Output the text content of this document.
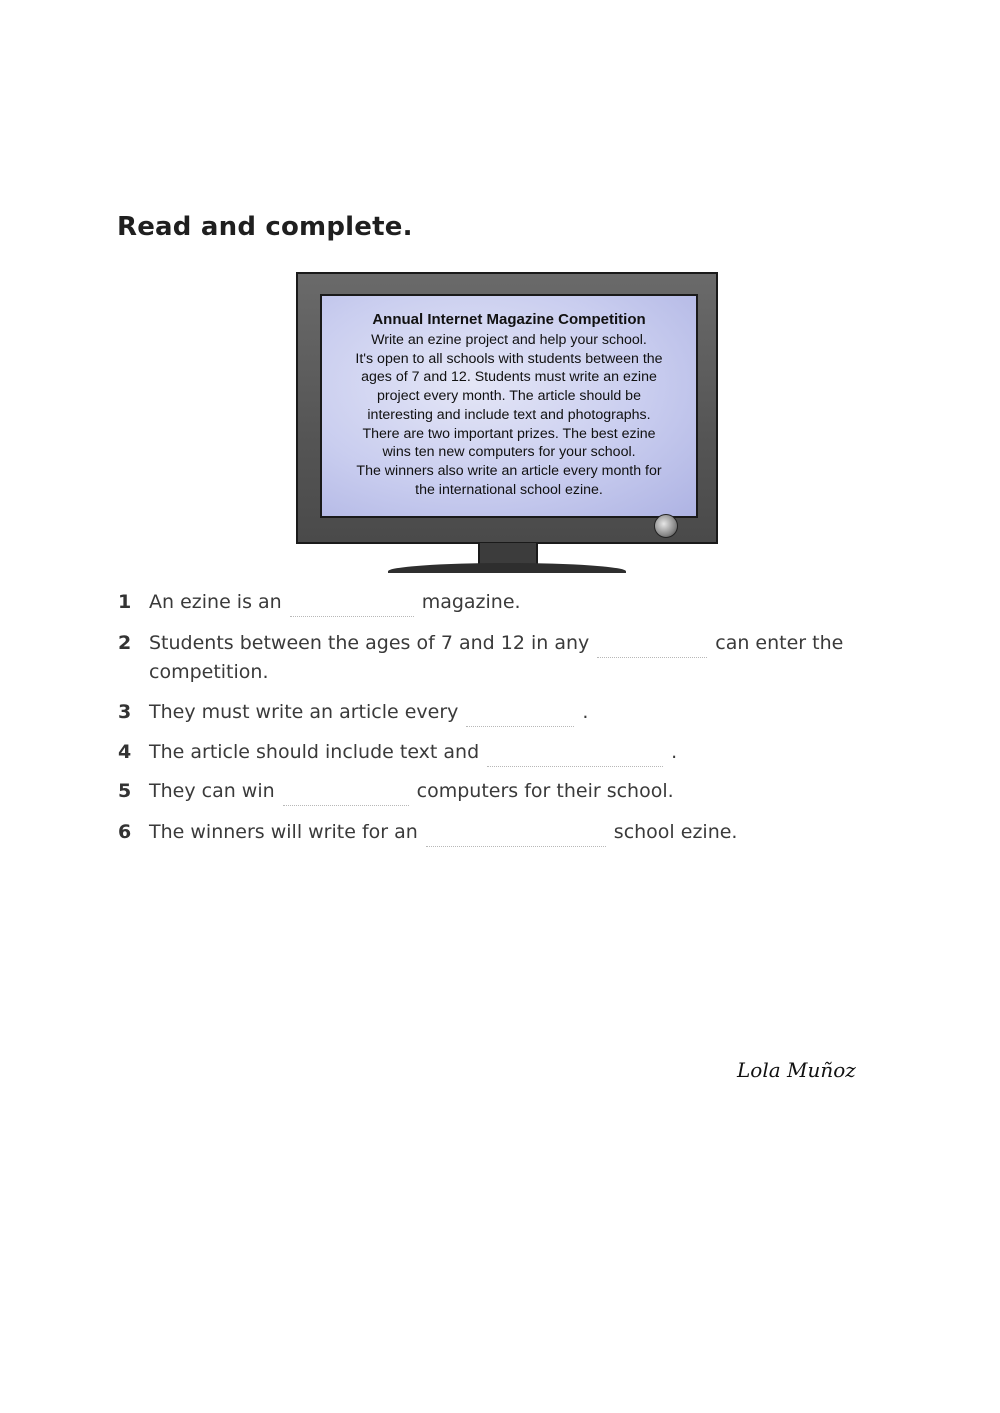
Read and complete.
Annual Internet Magazine Competition
Write an ezine project and help your school.
It's open to all schools with students between the
ages of 7 and 12. Students must write an ezine
project every month. The article should be
interesting and include text and photographs.
There are two important prizes. The best ezine
wins ten new computers for your school.
The winners also write an article every month for
the international school ezine.
1 An ezine is an	magazine.
2 Students between the ages of 7 and 12 in any	can enter the
competition.
3 They must write an article every	.
4 The article should include text and	.
5 They can win	computers for their school.
6 The winners will write for an	school ezine.
Lola Muñoz
